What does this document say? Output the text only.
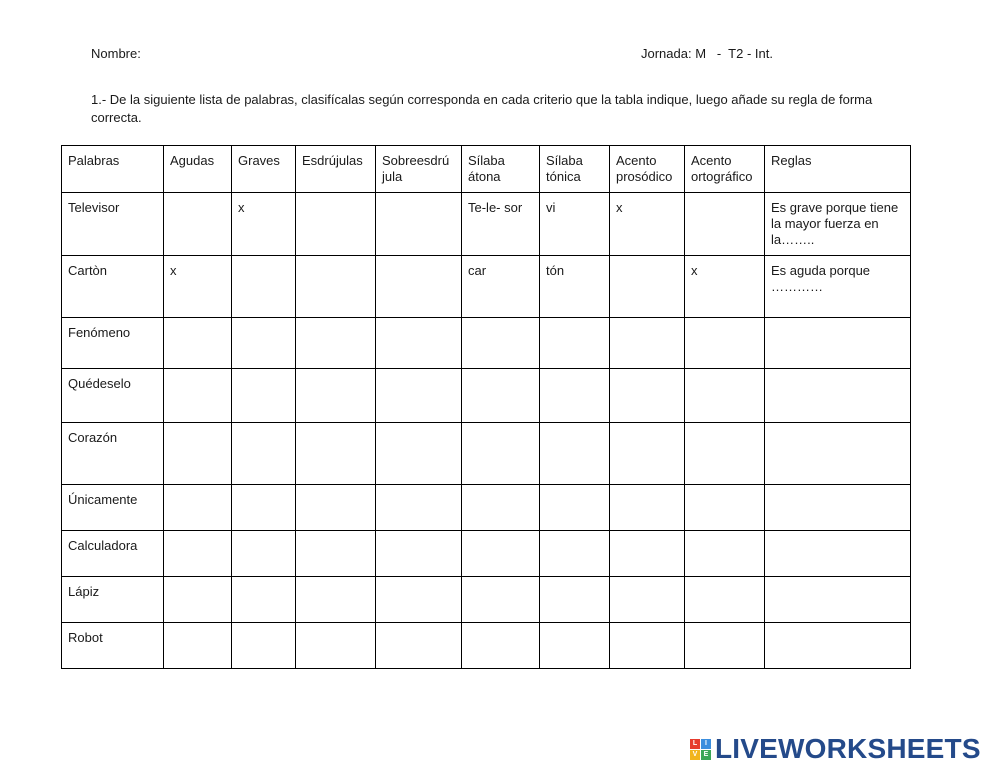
Nombre:	Jornada: M   -  T2 - Int.
1.- De la siguiente lista de palabras, clasifícalas según corresponda en cada criterio que la tabla indique, luego añade su regla de forma correcta.
Palabras	Agudas	Graves	Esdrújulas	Sobreesdrú jula	Sílaba átona	Sílaba tónica	Acento prosódico	Acento ortográfico	Reglas
Televisor		x			Te-le- sor	vi	x		Es grave porque tiene la mayor fuerza en la……..
Cartòn	x				car	tón		x	Es aguda porque …………
Fenómeno									
Quédeselo									
Corazón									
Únicamente									
Calculadora									
Lápiz									
Robot									
L	I
V E LIVEWORKSHEETS
